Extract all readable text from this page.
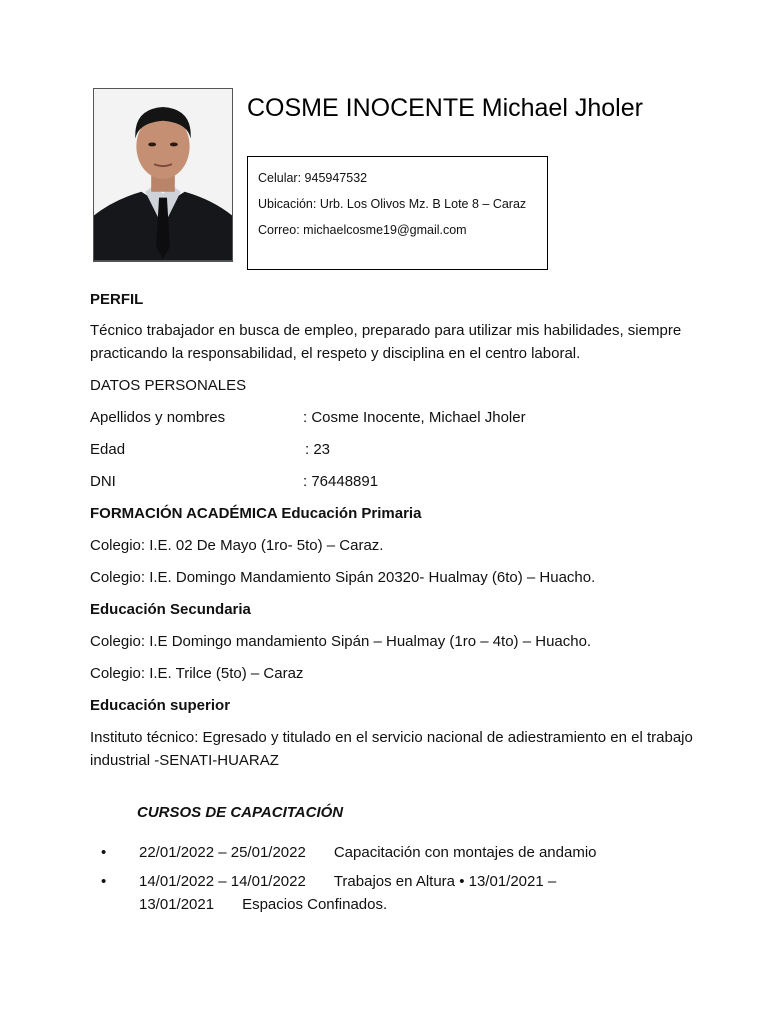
COSME INOCENTE Michael Jholer
Celular: 945947532
Ubicación: Urb. Los Olivos Mz. B Lote 8 – Caraz
Correo: michaelcosme19@gmail.com
PERFIL

Técnico trabajador en busca de empleo, preparado para utilizar mis habilidades, siempre practicando la responsabilidad, el respeto y disciplina en el centro laboral.

DATOS PERSONALES
Apellidos y nombres	: Cosme Inocente, Michael Jholer
Edad	: 23
DNI	: 76448891
FORMACIÓN ACADÉMICA Educación Primaria
Colegio: I.E. 02 De Mayo (1ro- 5to) – Caraz.
Colegio: I.E. Domingo Mandamiento Sipán 20320- Hualmay (6to) – Huacho.
Educación Secundaria
Colegio: I.E Domingo mandamiento Sipán – Hualmay (1ro – 4to) – Huacho.
Colegio: I.E. Trilce (5to) – Caraz
Educación superior

Instituto técnico: Egresado y titulado en el servicio nacional de adiestramiento en el trabajo industrial -SENATI-HUARAZ

CURSOS DE CAPACITACIÓN
• 22/01/2022 – 25/01/2022 Capacitación con montajes de andamio
• 14/01/2022 – 14/01/2022 Trabajos en Altura • 13/01/2021 –
13/01/2021 Espacios Confinados.
